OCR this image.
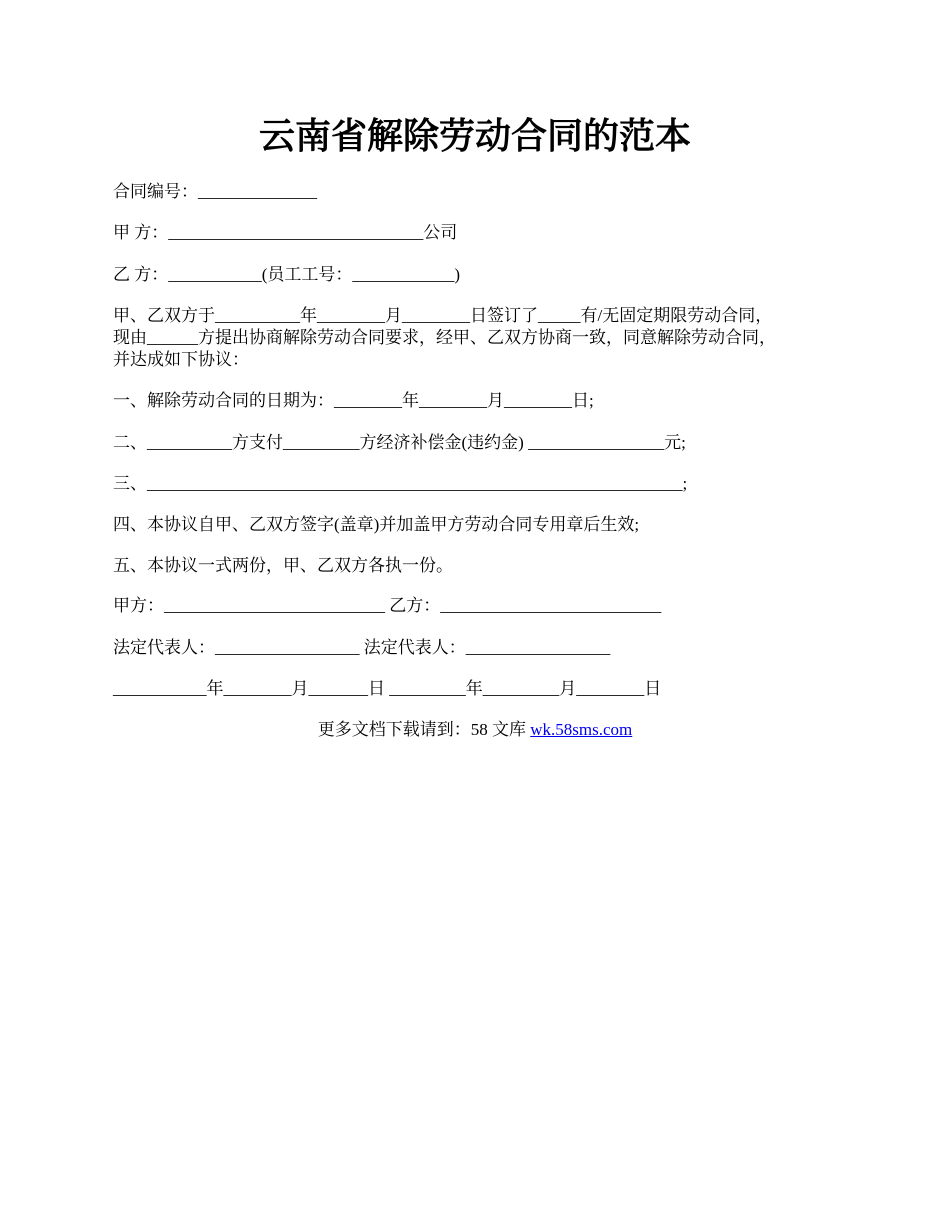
云南省解除劳动合同的范本
合同编号：______________
甲 方：______________________________公司
乙 方：___________(员工工号：____________)
甲、乙双方于__________年________月________日签订了_____有/无固定期限劳动合同，
现由______方提出协商解除劳动合同要求，经甲、乙双方协商一致，同意解除劳动合同，
并达成如下协议：
一、解除劳动合同的日期为：________年________月________日;
二、__________方支付_________方经济补偿金(违约金) ________________元;
三、_______________________________________________________________;
四、本协议自甲、乙双方签字(盖章)并加盖甲方劳动合同专用章后生效;
五、本协议一式两份，甲、乙双方各执一份。
甲方：__________________________ 乙方：__________________________
法定代表人：_________________ 法定代表人：_________________
___________年________月_______日 _________年_________月________日
更多文档下载请到：58 文库 wk.58sms.com
